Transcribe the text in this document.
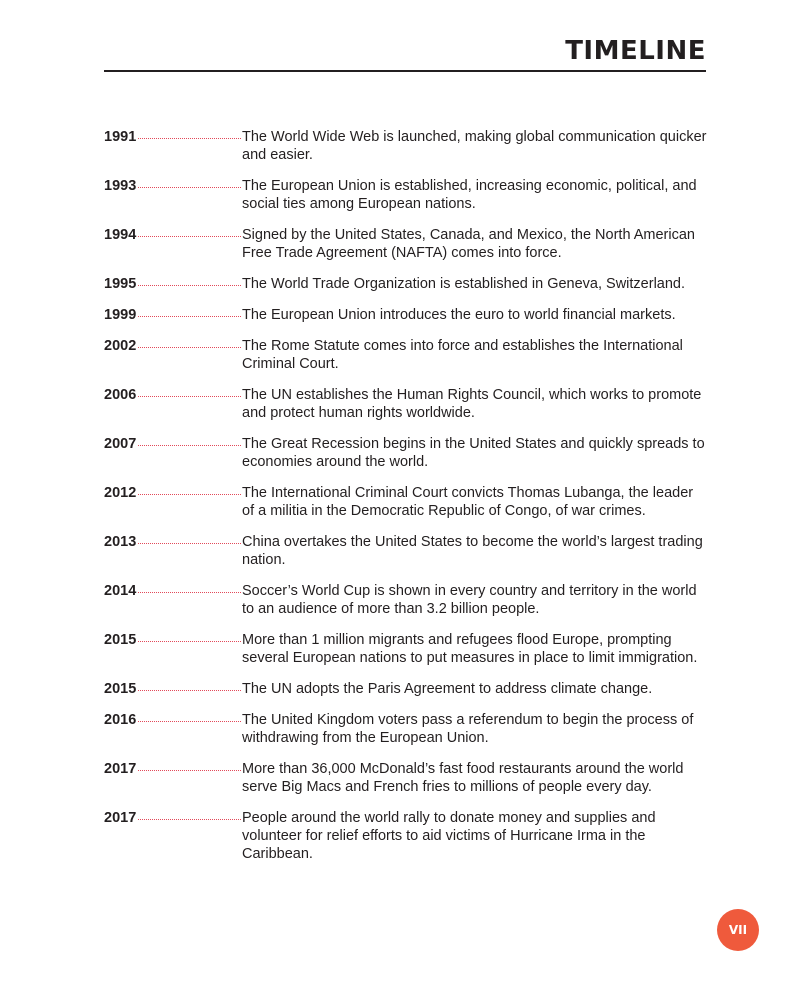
TIMELINE
1991	The World Wide Web is launched, making global communication quicker and easier.

1993	The European Union is established, increasing economic, political, and social ties among European nations.

1994	Signed by the United States, Canada, and Mexico, the North American Free Trade Agreement (NAFTA) comes into force.

1995	The World Trade Organization is established in Geneva, Switzerland.

1999	The European Union introduces the euro to world financial markets.

2002	The Rome Statute comes into force and establishes the International Criminal Court.

2006	The UN establishes the Human Rights Council, which works to promote and protect human rights worldwide.

2007	The Great Recession begins in the United States and quickly spreads to economies around the world.

2012	The International Criminal Court convicts Thomas Lubanga, the leader of a militia in the Democratic Republic of Congo, of war crimes.

2013	China overtakes the United States to become the world’s largest trading nation.

2014	Soccer’s World Cup is shown in every country and territory in the world to an audience of more than 3.2 billion people.

2015	More than 1 million migrants and refugees flood Europe, prompting several European nations to put measures in place to limit immigration.

2015	The UN adopts the Paris Agreement to address climate change.

2016	The United Kingdom voters pass a referendum to begin the process of withdrawing from the European Union.

2017	More than 36,000 McDonald’s fast food restaurants around the world serve Big Macs and French fries to millions of people every day.

2017	People around the world rally to donate money and supplies and volunteer for relief efforts to aid victims of Hurricane Irma in the Caribbean.

VII
